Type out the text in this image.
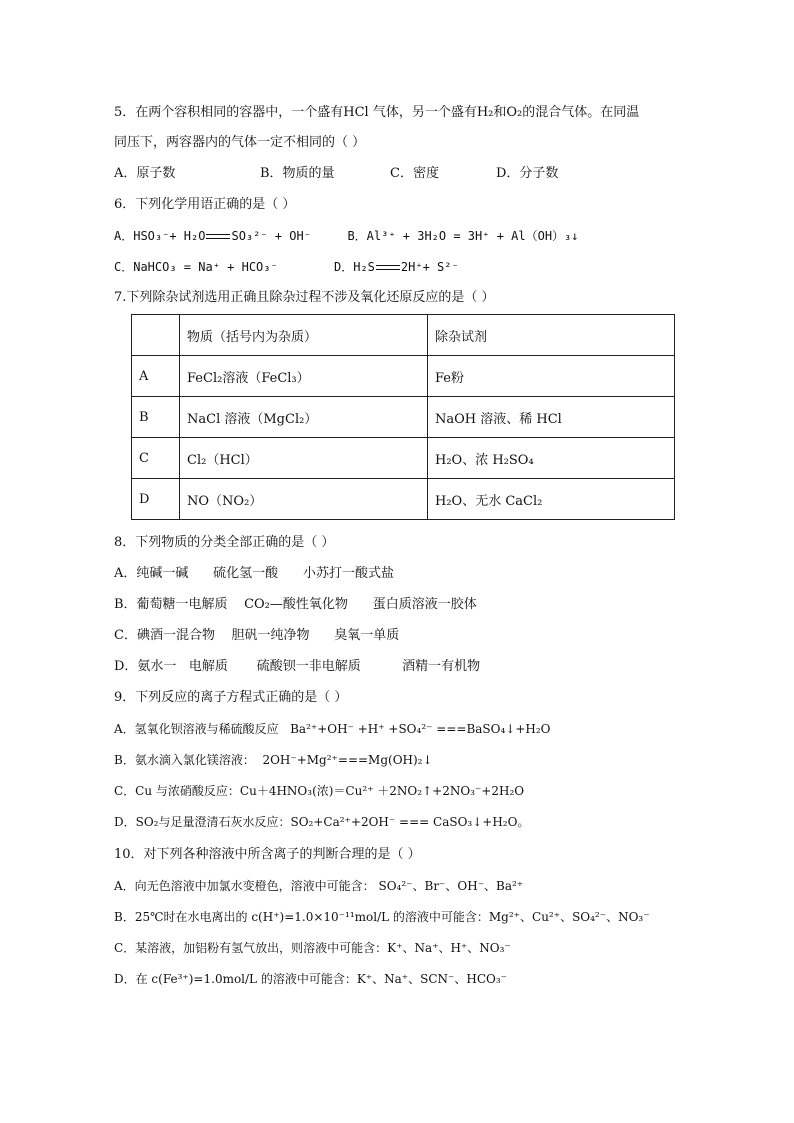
5．在两个容积相同的容器中，一个盛有HCl 气体，另一个盛有H₂和O₂的混合气体。在同温
同压下，两容器内的气体一定不相同的（ ）
A．原子数	B．物质的量	C．密度	D．分子数
6．下列化学用语正确的是（ ）
A．HSO₃⁻+ H₂O SO₃²⁻ + OH⁻	B．Al³⁺ + 3H₂O = 3H⁺ + Al（OH）₃↓
C．NaHCO₃ = Na⁺ + HCO₃⁻	D．H₂S 2H⁺+ S²⁻
7.下列除杂试剂选用正确且除杂过程不涉及氧化还原反应的是（ ）
	物质（括号内为杂质）	除杂试剂
A	FeCl₂溶液（FeCl₃）	Fe粉
B	NaCl 溶液（MgCl₂）	NaOH 溶液、稀 HCl
C	Cl₂（HCl）	H₂O、浓 H₂SO₄
D	NO（NO₂）	H₂O、无水 CaCl₂
8．下列物质的分类全部正确的是（ ）
A．纯碱一碱      硫化氢一酸      小苏打一酸式盐
B．葡萄糖一电解质    CO₂—酸性氧化物      蛋白质溶液一胶体
C．碘酒一混合物    胆矾一纯净物      臭氧一单质
D．氨水一   电解质       硫酸钡一非电解质          酒精一有机物
9．下列反应的离子方程式正确的是（ ）
A．氢氧化钡溶液与稀硫酸反应   Ba²⁺+OH⁻ +H⁺ +SO₄²⁻ ===BaSO₄↓+H₂O
B．氨水滴入氯化镁溶液：  2OH⁻+Mg²⁺===Mg(OH)₂↓
C．Cu 与浓硝酸反应：Cu＋4HNO₃(浓)＝Cu²⁺ ＋2NO₂↑+2NO₃⁻+2H₂O
D．SO₂与足量澄清石灰水反应：SO₂+Ca²⁺+2OH⁻ === CaSO₃↓+H₂O。
10．对下列各种溶液中所含离子的判断合理的是（ ）
A．向无色溶液中加氯水变橙色，溶液中可能含： SO₄²⁻、Br⁻、OH⁻、Ba²⁺
B．25℃时在水电离出的 c(H⁺)=1.0×10⁻¹¹mol/L 的溶液中可能含：Mg²⁺、Cu²⁺、SO₄²⁻、NO₃⁻
C．某溶液，加铝粉有氢气放出，则溶液中可能含：K⁺、Na⁺、H⁺、NO₃⁻
D．在 c(Fe³⁺)=1.0mol/L 的溶液中可能含：K⁺、Na⁺、SCN⁻、HCO₃⁻
